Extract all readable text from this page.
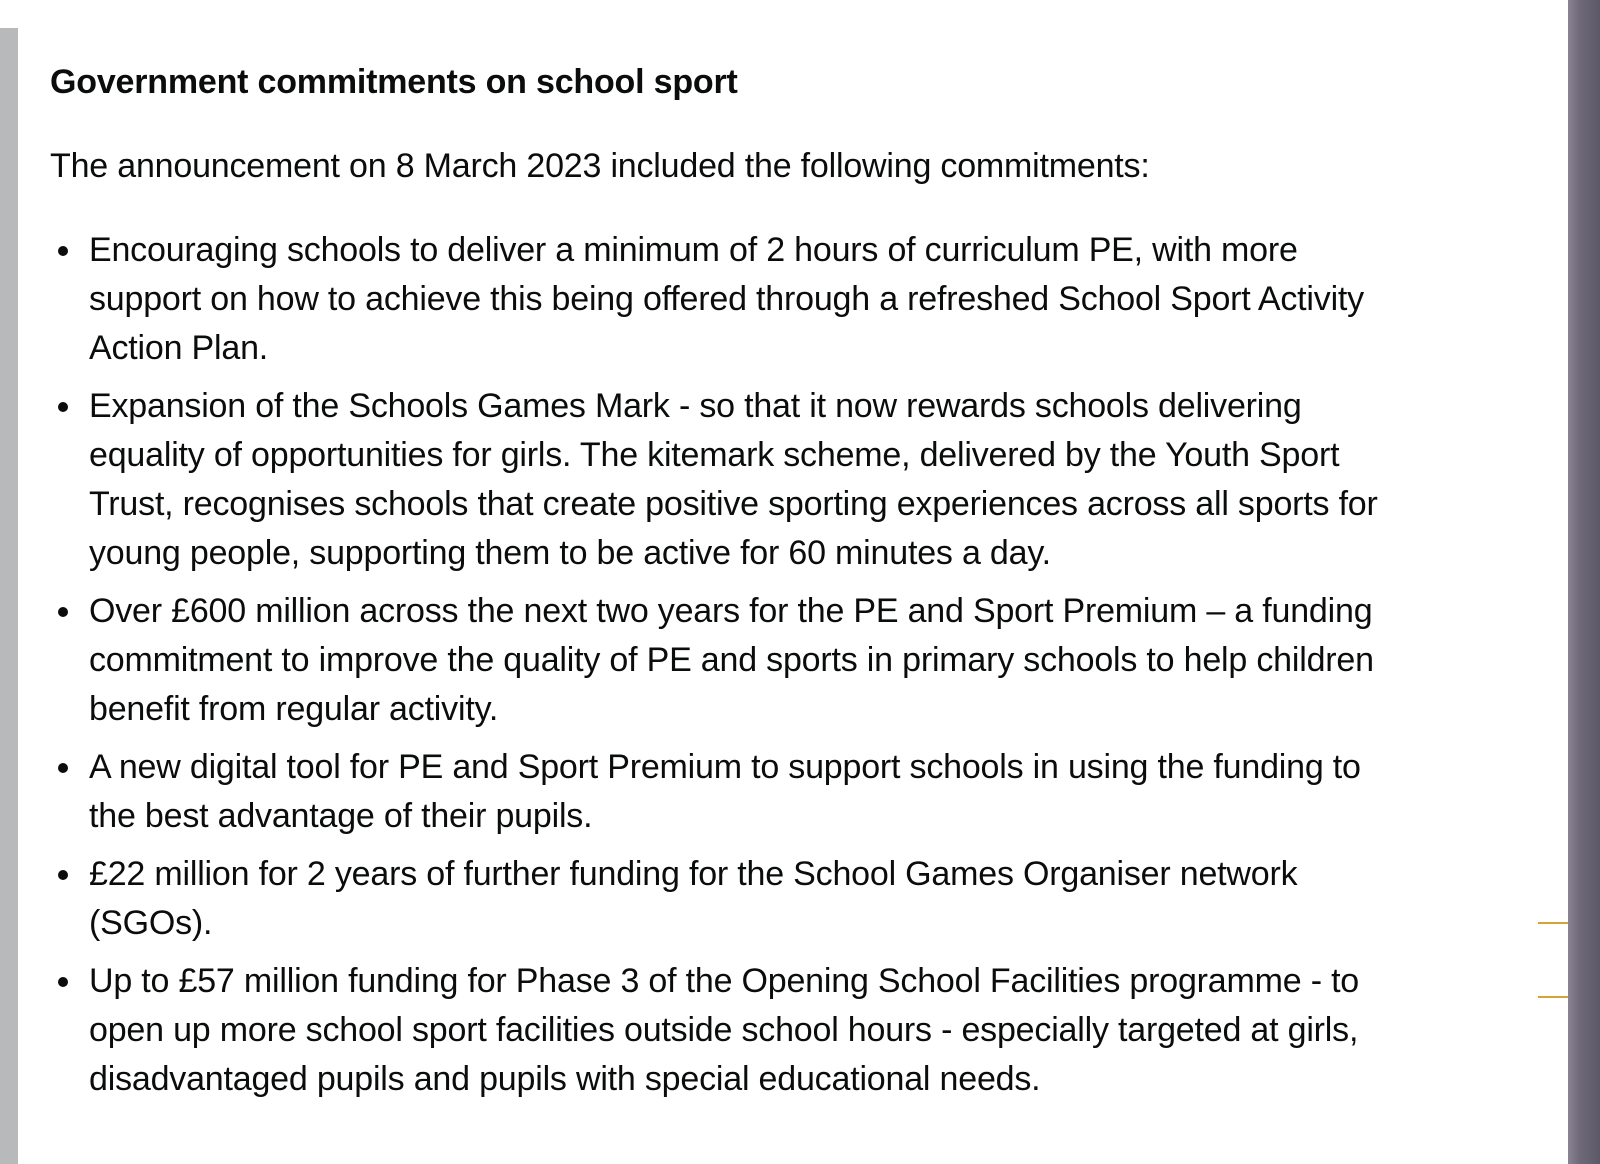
Government commitments on school sport

The announcement on 8 March 2023 included the following commitments:

Encouraging schools to deliver a minimum of 2 hours of curriculum PE, with more support on how to achieve this being offered through a refreshed School Sport Activity Action Plan.
Expansion of the Schools Games Mark - so that it now rewards schools delivering equality of opportunities for girls. The kitemark scheme, delivered by the Youth Sport Trust, recognises schools that create positive sporting experiences across all sports for young people, supporting them to be active for 60 minutes a day.
Over £600 million across the next two years for the PE and Sport Premium – a funding commitment to improve the quality of PE and sports in primary schools to help children benefit from regular activity.
A new digital tool for PE and Sport Premium to support schools in using the funding to the best advantage of their pupils.
£22 million for 2 years of further funding for the School Games Organiser network (SGOs).
Up to £57 million funding for Phase 3 of the Opening School Facilities programme - to open up more school sport facilities outside school hours - especially targeted at girls, disadvantaged pupils and pupils with special educational needs.
